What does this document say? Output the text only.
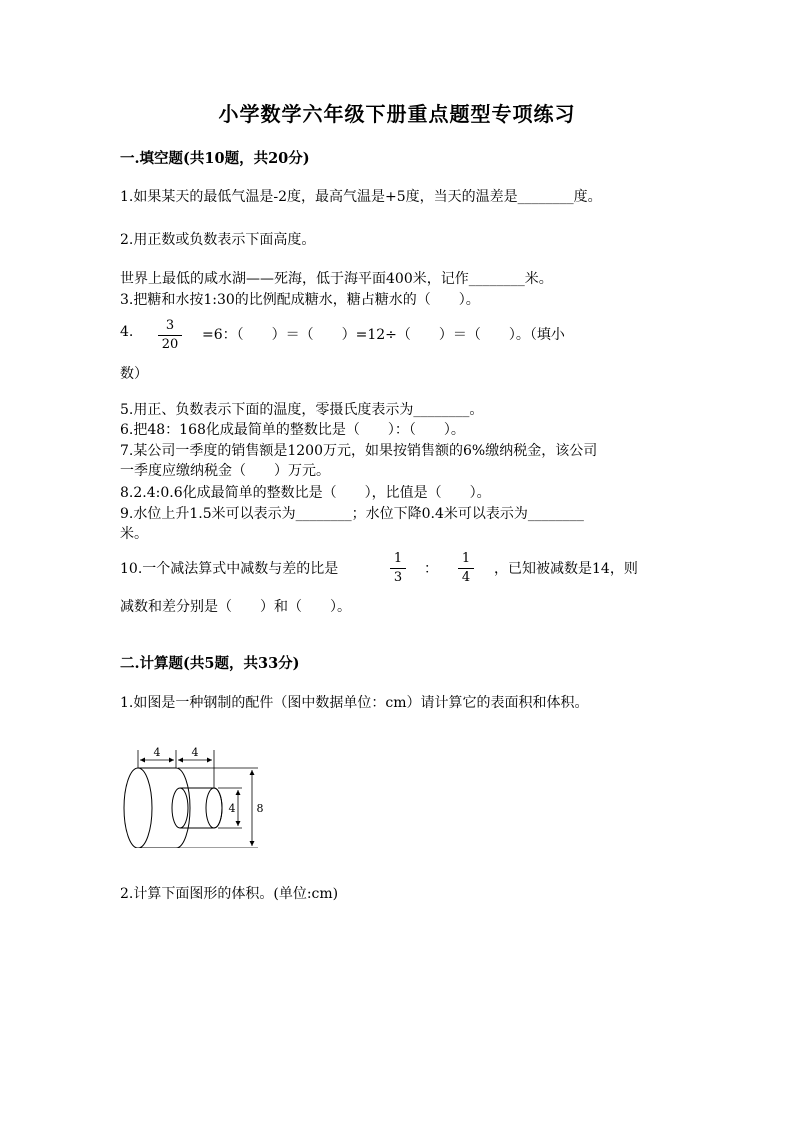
小学数学六年级下册重点题型专项练习
一.填空题(共10题，共20分)
1.如果某天的最低气温是-2度，最高气温是+5度，当天的温差是________度。
2.用正数或负数表示下面高度。
世界上最低的咸水湖——死海，低于海平面400米，记作________米。
3.把糖和水按1:30的比例配成糖水，糖占糖水的（　　）。
4.	3
20
=6：（　　）＝（　　）=12÷（　　）＝（　　）。（填小
数）
5.用正、负数表示下面的温度，零摄氏度表示为________。
6.把48：168化成最简单的整数比是（　　）：（　　）。
7.某公司一季度的销售额是1200万元，如果按销售额的6%缴纳税金，该公司
一季度应缴纳税金（　　）万元。
8.2.4:0.6化成最简单的整数比是（　　），比值是（　　）。
9.水位上升1.5米可以表示为________；水位下降0.4米可以表示为________
米。
10.一个减法算式中减数与差的比是
1
3
：
1
4
，已知被减数是14，则
减数和差分别是（　　）和（　　）。
二.计算题(共5题，共33分)
1.如图是一种钢制的配件（图中数据单位：cm）请计算它的表面积和体积。
4	4
4 8
2.计算下面图形的体积。(单位:cm)
